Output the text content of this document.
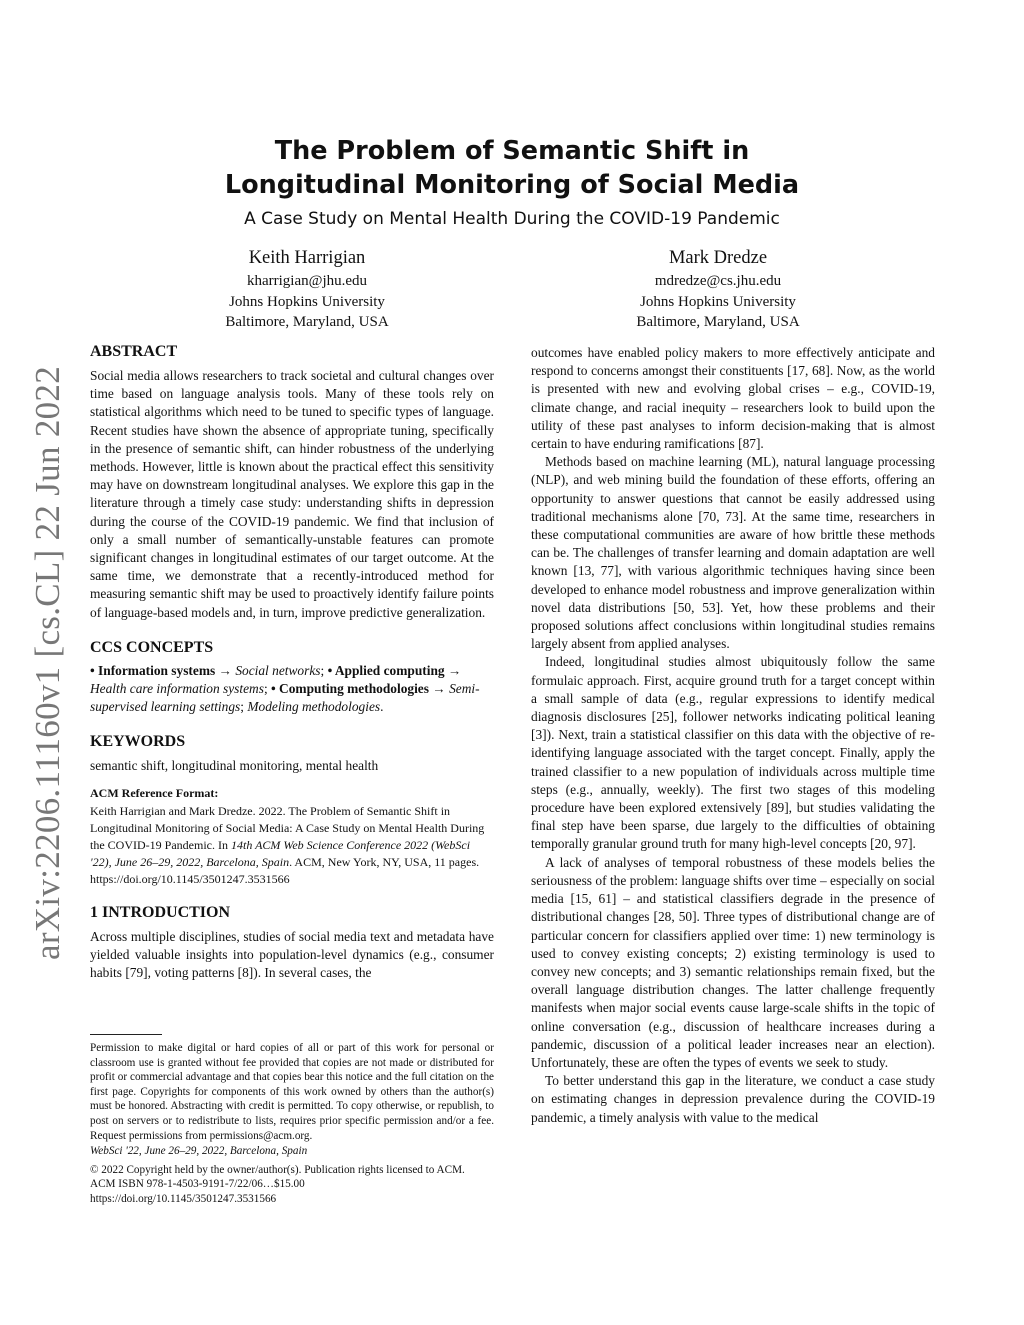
arXiv:2206.11160v1 [cs.CL] 22 Jun 2022
The Problem of Semantic Shift in
Longitudinal Monitoring of Social Media
A Case Study on Mental Health During the COVID-19 Pandemic
Keith Harrigian
kharrigian@jhu.edu
Johns Hopkins University
Baltimore, Maryland, USA
Mark Dredze
mdredze@cs.jhu.edu
Johns Hopkins University
Baltimore, Maryland, USA
ABSTRACT

Social media allows researchers to track societal and cultural changes over time based on language analysis tools. Many of these tools rely on statistical algorithms which need to be tuned to specific types of language. Recent studies have shown the absence of appropriate tuning, specifically in the presence of semantic shift, can hinder robustness of the underlying methods. However, little is known about the practical effect this sensitivity may have on downstream longitudinal analyses. We explore this gap in the literature through a timely case study: understanding shifts in depression during the course of the COVID-19 pandemic. We find that inclusion of only a small number of semantically-unstable features can promote significant changes in longitudinal estimates of our target outcome. At the same time, we demonstrate that a recently-introduced method for measuring semantic shift may be used to proactively identify failure points of language-based models and, in turn, improve predictive generalization.

CCS CONCEPTS

• Information systems → Social networks; • Applied computing → Health care information systems; • Computing methodologies → Semi-supervised learning settings; Modeling methodologies.

KEYWORDS

semantic shift, longitudinal monitoring, mental health

ACM Reference Format:

Keith Harrigian and Mark Dredze. 2022. The Problem of Semantic Shift in Longitudinal Monitoring of Social Media: A Case Study on Mental Health During the COVID-19 Pandemic. In 14th ACM Web Science Conference 2022 (WebSci '22), June 26–29, 2022, Barcelona, Spain. ACM, New York, NY, USA, 11 pages. https://doi.org/10.1145/3501247.3531566

1 INTRODUCTION

Across multiple disciplines, studies of social media text and metadata have yielded valuable insights into population-level dynamics (e.g., consumer habits [79], voting patterns [8]). In several cases, the

Permission to make digital or hard copies of all or part of this work for personal or classroom use is granted without fee provided that copies are not made or distributed for profit or commercial advantage and that copies bear this notice and the full citation on the first page. Copyrights for components of this work owned by others than the author(s) must be honored. Abstracting with credit is permitted. To copy otherwise, or republish, to post on servers or to redistribute to lists, requires prior specific permission and/or a fee. Request permissions from permissions@acm.org.

WebSci '22, June 26–29, 2022, Barcelona, Spain

© 2022 Copyright held by the owner/author(s). Publication rights licensed to ACM.

ACM ISBN 978-1-4503-9191-7/22/06…$15.00

https://doi.org/10.1145/3501247.3531566

outcomes have enabled policy makers to more effectively anticipate and respond to concerns amongst their constituents [17, 68]. Now, as the world is presented with new and evolving global crises – e.g., COVID-19, climate change, and racial inequity – researchers look to build upon the utility of these past analyses to inform decision-making that is almost certain to have enduring ramifications [87].

Methods based on machine learning (ML), natural language processing (NLP), and web mining build the foundation of these efforts, offering an opportunity to answer questions that cannot be easily addressed using traditional mechanisms alone [70, 73]. At the same time, researchers in these computational communities are aware of how brittle these methods can be. The challenges of transfer learning and domain adaptation are well known [13, 77], with various algorithmic techniques having since been developed to enhance model robustness and improve generalization within novel data distributions [50, 53]. Yet, how these problems and their proposed solutions affect conclusions within longitudinal studies remains largely absent from applied analyses.

Indeed, longitudinal studies almost ubiquitously follow the same formulaic approach. First, acquire ground truth for a target concept within a small sample of data (e.g., regular expressions to identify medical diagnosis disclosures [25], follower networks indicating political leaning [3]). Next, train a statistical classifier on this data with the objective of re-identifying language associated with the target concept. Finally, apply the trained classifier to a new population of individuals across multiple time steps (e.g., annually, weekly). The first two stages of this modeling procedure have been explored extensively [89], but studies validating the final step have been sparse, due largely to the difficulties of obtaining temporally granular ground truth for many high-level concepts [20, 97].

A lack of analyses of temporal robustness of these models belies the seriousness of the problem: language shifts over time – especially on social media [15, 61] – and statistical classifiers degrade in the presence of distributional changes [28, 50]. Three types of distributional change are of particular concern for classifiers applied over time: 1) new terminology is used to convey existing concepts; 2) existing terminology is used to convey new concepts; and 3) semantic relationships remain fixed, but the overall language distribution changes. The latter challenge frequently manifests when major social events cause large-scale shifts in the topic of online conversation (e.g., discussion of healthcare increases during a pandemic, discussion of a political leader increases near an election). Unfortunately, these are often the types of events we seek to study.

To better understand this gap in the literature, we conduct a case study on estimating changes in depression prevalence during the COVID-19 pandemic, a timely analysis with value to the medical
